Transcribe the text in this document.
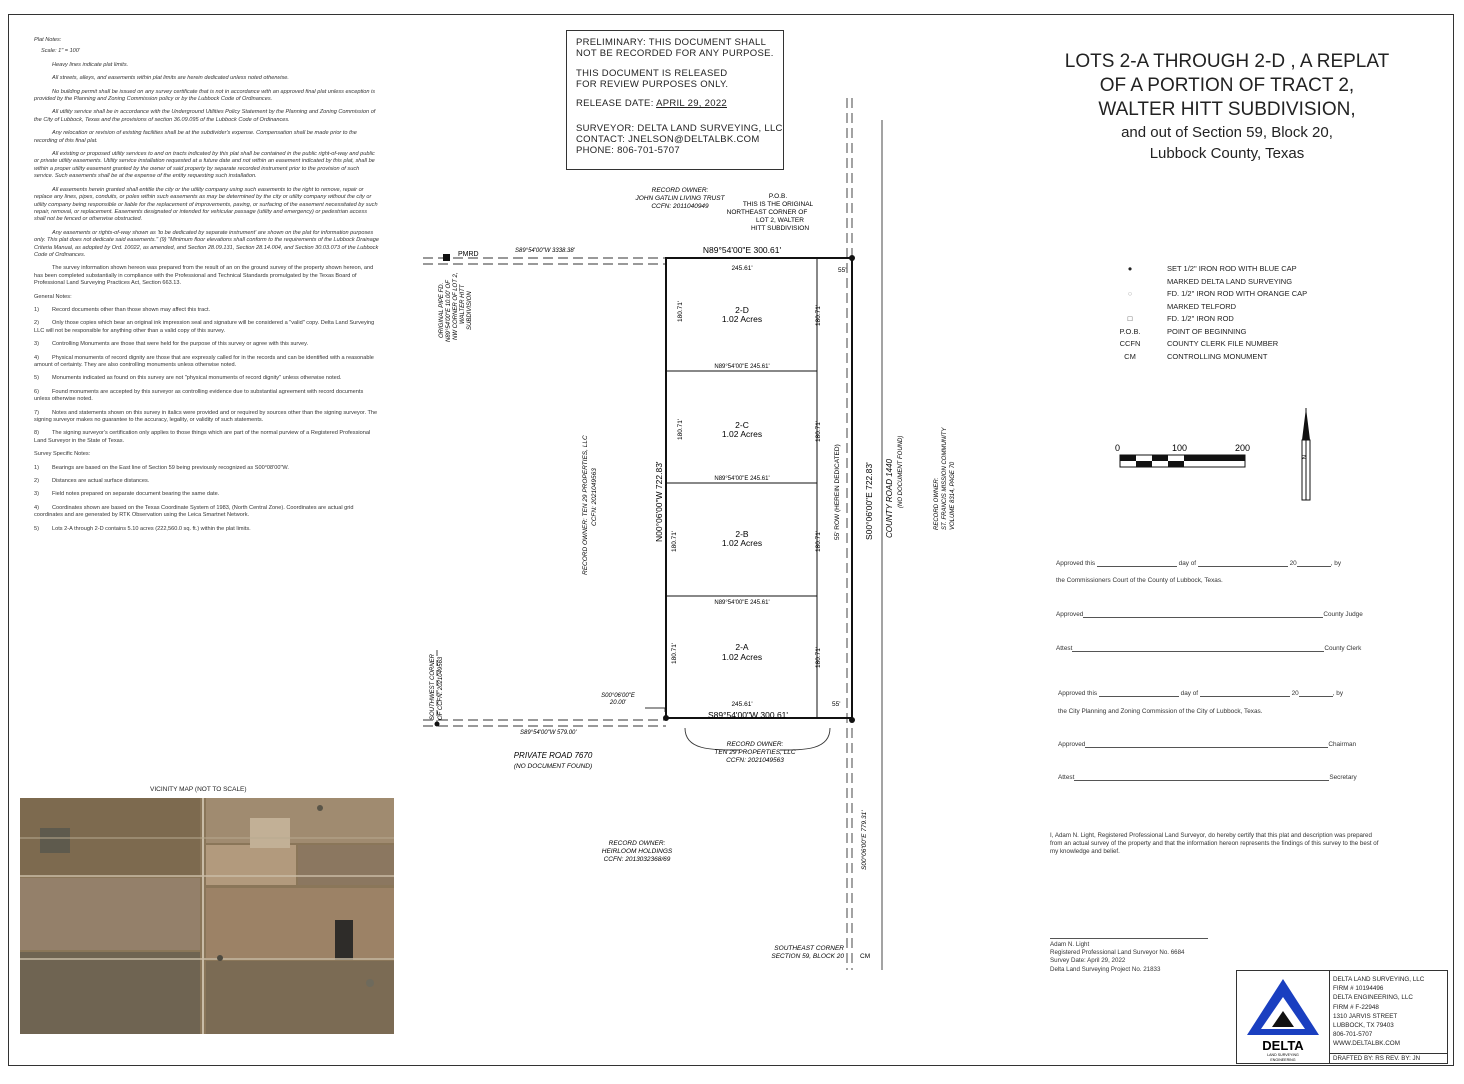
Plat Notes:

Scale: 1" = 100'

Heavy lines indicate plat limits.

All streets, alleys, and easements within plat limits are herein dedicated unless noted otherwise.

No building permit shall be issued on any survey certificate that is not in accordance with an approved final plat unless exception is provided by the Planning and Zoning Commission policy or by the Lubbock Code of Ordinances.

All utility service shall be in accordance with the Underground Utilities Policy Statement by the Planning and Zoning Commission of the City of Lubbock, Texas and the provisions of section 36.09.095 of the Lubbock Code of Ordinances.

Any relocation or revision of existing facilities shall be at the subdivider's expense. Compensation shall be made prior to the recording of this final plat.

All existing or proposed utility services to and on tracts indicated by this plat shall be contained in the public right-of-way and public or private utility easements. Utility service installation requested at a future date and not within an easement indicated by this plat, shall be within a proper utility easement granted by the owner of said property by separate recorded instrument prior to the provision of such service. Such easements shall be at the expense of the entity requesting such installation.

All easements herein granted shall entitle the city or the utility company using such easements to the right to remove, repair or replace any lines, pipes, conduits, or poles within such easements as may be determined by the city or utility company without the city or utility company being responsible or liable for the replacement of improvements, paving, or surfacing of the easement necessitated by such repair, removal, or replacement. Easements designated or intended for vehicular passage (utility and emergency) or pedestrian access shall not be fenced or otherwise obstructed.

Any easements or rights-of-way shown as 'to be dedicated by separate instrument' are shown on the plat for information purposes only. This plat does not dedicate said easements." (9) "Minimum floor elevations shall conform to the requirements of the Lubbock Drainage Criteria Manual, as adopted by Ord. 10022, as amended, and Section 28.09.131, Section 28.14.004, and Section 30.03.073 of the Lubbock Code of Ordinances.

The survey information shown hereon was prepared from the result of an on the ground survey of the property shown hereon, and has been completed substantially in compliance with the Professional and Technical Standards promulgated by the Texas Board of Professional Land Surveying Practices Act, Section 663.13.

General Notes:

1) Record documents other than those shown may affect this tract.

2) Only those copies which bear an original ink impression seal and signature will be considered a "valid" copy. Delta Land Surveying LLC will not be responsible for anything other than a valid copy of this survey.

3) Controlling Monuments are those that were held for the purpose of this survey or agree with this survey.

4) Physical monuments of record dignity are those that are expressly called for in the records and can be identified with a reasonable amount of certainty. They are also controlling monuments unless otherwise noted.

5) Monuments indicated as found on this survey are not "physical monuments of record dignity" unless otherwise noted.

6) Found monuments are accepted by this surveyor as controlling evidence due to substantial agreement with record documents unless otherwise noted.

7) Notes and statements shown on this survey in italics were provided and or required by sources other than the signing surveyor. The signing surveyor makes no guarantee to the accuracy, legality, or validity of such statements.

8) The signing surveyor's certification only applies to those things which are part of the normal purview of a Registered Professional Land Surveyor in the State of Texas.

Survey Specific Notes:

1) Bearings are based on the East line of Section 59 being previously recognized as S00°08'00"W.

2) Distances are actual surface distances.

3) Field notes prepared on separate document bearing the same date.

4) Coordinates shown are based on the Texas Coordinate System of 1983, (North Central Zone). Coordinates are actual grid coordinates and are generated by RTK Observation using the Leica Smartnet Network.

5) Lots 2-A through 2-D contains 5.10 acres (222,560.0 sq. ft.) within the plat limits.

VICINITY MAP (NOT TO SCALE)
PRELIMINARY: THIS DOCUMENT SHALL
NOT BE RECORDED FOR ANY PURPOSE.
THIS DOCUMENT IS RELEASED
FOR REVIEW PURPOSES ONLY.
RELEASE DATE: APRIL 29, 2022
SURVEYOR: DELTA LAND SURVEYING, LLC
CONTACT: JNELSON@DELTALBK.COM
PHONE: 806-701-5707
LOTS 2-A THROUGH 2-D , A REPLAT
OF A PORTION OF TRACT 2,
WALTER HITT SUBDIVISION,
and out of Section 59, Block 20,
Lubbock County, Texas
●	SET 1/2" IRON ROD WITH BLUE CAP
MARKED DELTA LAND SURVEYING
○	FD. 1/2" IRON ROD WITH ORANGE CAP
MARKED TELFORD
□	FD. 1/2" IRON ROD
P.O.B.	POINT OF BEGINNING
CCFN	COUNTY CLERK FILE NUMBER
CM	CONTROLLING MONUMENT
0	100	200
N
RECORD OWNER:
JOHN GATLIN LIVING TRUST
CCFN: 2011040949
P.O.B.
THIS IS THE ORIGINAL
NORTHEAST CORNER OF
LOT 2, WALTER
HITT SUBDIVISION
PMRD	S89°54'00"W 3338.38'	N89°54'00"E 300.61'
245.61'	55'
2-D
1.02 Acres
2-C
1.02 Acres
2-B
1.02 Acres
2-A
1.02 Acres
N89°54'00"E 245.61'
N89°54'00"E 245.61'
N89°54'00"E 245.61'
180.71'
180.71'
180.71'
180.71'
180.71'
180.71'
180.71'
180.71'
N00°06'00"W 722.83'	S00°06'00"E 722.83'
55' ROW (HEREIN DEDICATED)	COUNTY ROAD 1440 (NO DOCUMENT FOUND)	RECORD OWNER: ST. FRANCIS MISSION COMMUNITY VOLUME 8314, PAGE 70
RECORD OWNER: TEN 29 PROPERTIES, LLC CCFN: 2021049563
ORIGINAL PIPE FD. N89°54'00"E 10.00' OF NW CORNER OF LOT 2, WALTER HITT SUBDIVISION
SOUTHWEST CORNER OF CCFN: 2021049563	S00°06'00"E
20.00'	245.61'	55'
S89°54'00"W 300.61'
S89°54'00"W 579.00'
PRIVATE ROAD 7670
(NO DOCUMENT FOUND)
RECORD OWNER:
TEN 29 PROPERTIES, LLC
CCFN: 2021049563
RECORD OWNER:
HEIRLOOM HOLDINGS
CCFN: 2013032368/69	S00°06'00"E 779.31'
SOUTHEAST CORNER
SECTION 59, BLOCK 20 CM
Approved this	day of	20	, by
the Commissioners Court of the County of Lubbock, Texas.
Approved	County Judge
Attest	County Clerk
Approved this	day of	20	, by
the City Planning and Zoning Commission of the City of Lubbock, Texas.
Approved	Chairman
Attest	Secretary
I, Adam N. Light, Registered Professional Land Surveyor, do hereby certify that this plat and description was prepared from an actual survey of the property and that the information hereon represents the findings of this survey to the best of my knowledge and belief.
Adam N. Light
Registered Professional Land Surveyor No. 6684
Survey Date: April 29, 2022
Delta Land Surveying Project No. 21833
DELTA
LAND SURVEYING
ENGINEERING
DELTA LAND SURVEYING, LLC
FIRM # 10194496
DELTA ENGINEERING, LLC
FIRM # F-22948
1310 JARVIS STREET
LUBBOCK, TX 79403
806-701-5707
WWW.DELTALBK.COM
DRAFTED BY: RS REV. BY: JN
